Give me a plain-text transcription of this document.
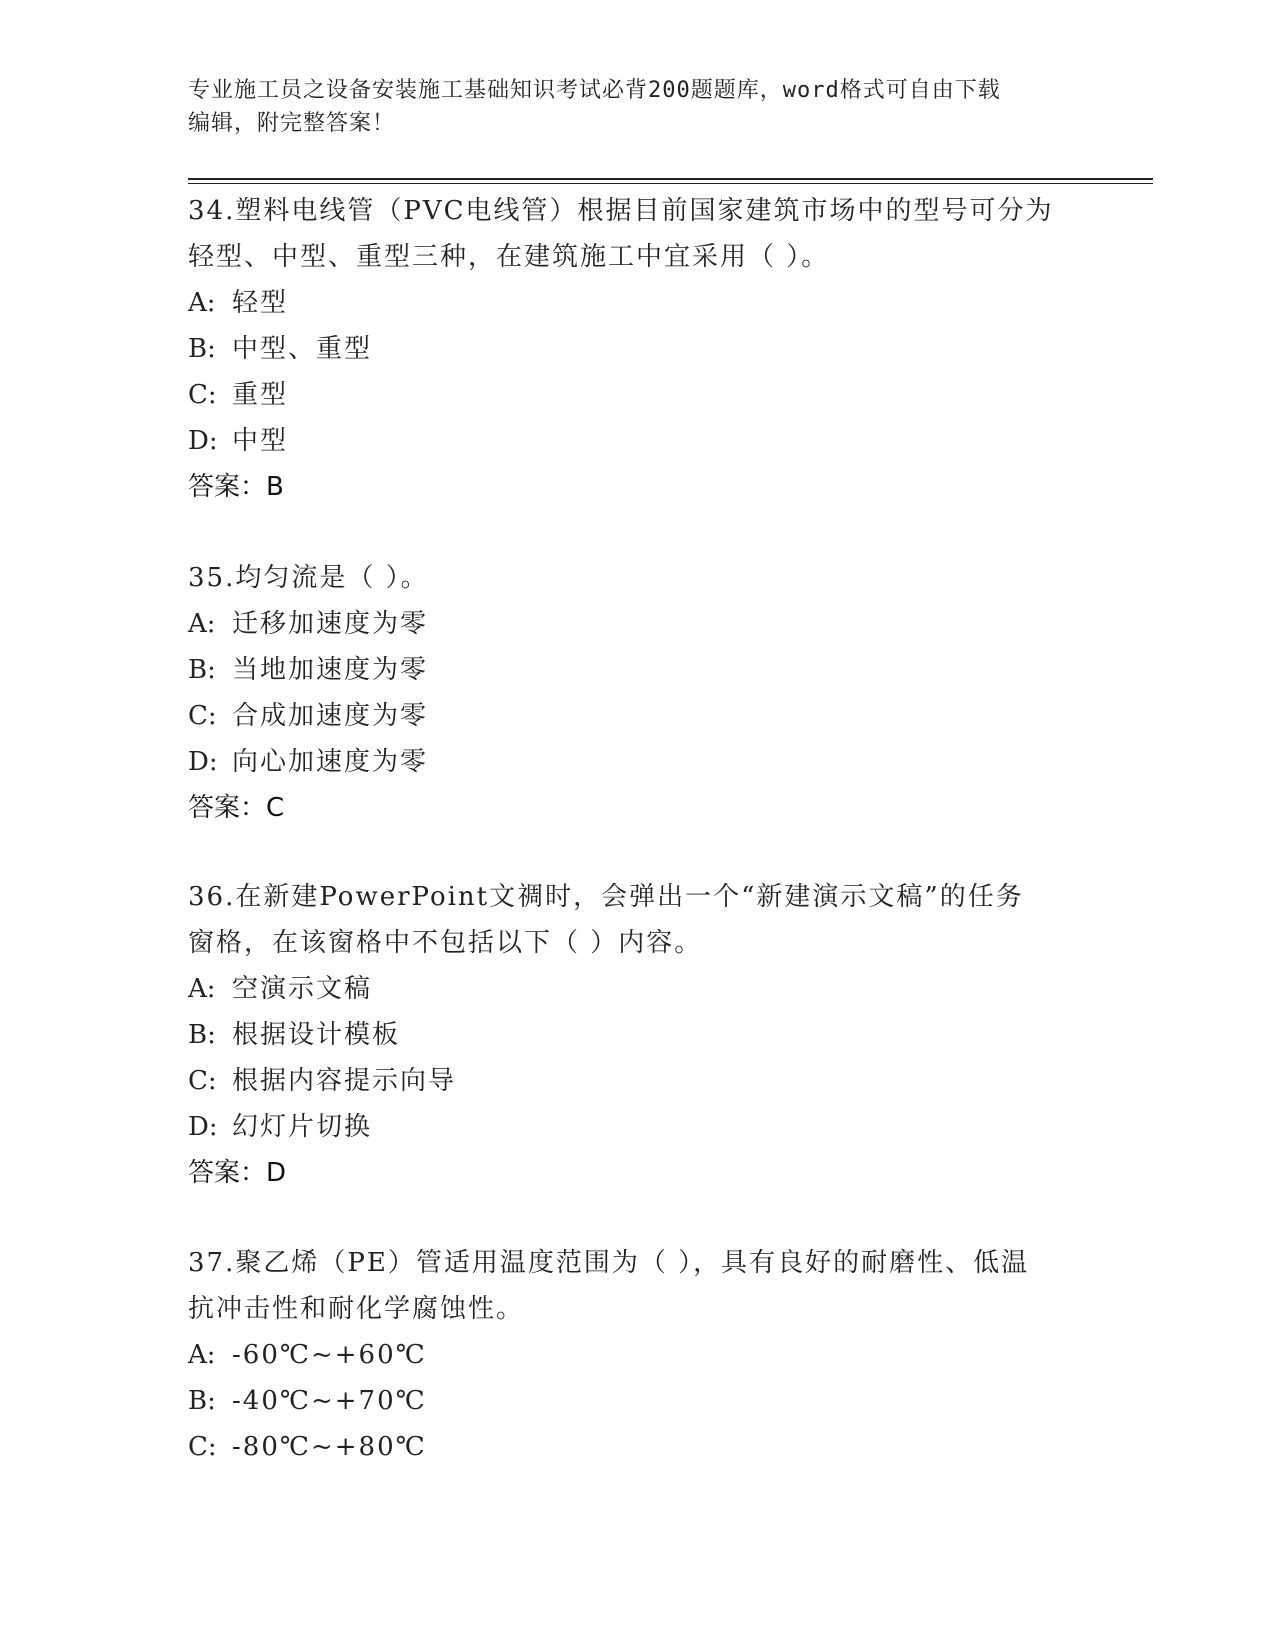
专业施工员之设备安装施工基础知识考试必背200题题库，word格式可自由下载
编辑，附完整答案！

34.塑料电线管（PVC电线管）根据目前国家建筑市场中的型号可分为

轻型、中型、重型三种，在建筑施工中宜采用（ ）。

A: 轻型

B: 中型、重型

C: 重型

D: 中型

答案：B

35.均匀流是（ ）。

A: 迁移加速度为零

B: 当地加速度为零

C: 合成加速度为零

D: 向心加速度为零

答案：C

36.在新建PowerPoint文禂时，会弹出一个“新建演示文稿”的任务

窗格，在该窗格中不包括以下（ ）内容。

A: 空演示文稿

B: 根据设计模板

C: 根据内容提示向导

D: 幻灯片切换

答案：D

37.聚乙烯（PE）管适用温度范围为（ ），具有良好的耐磨性、低温

抗冲击性和耐化学腐蚀性。

A: -60℃~+60℃

B: -40℃~+70℃

C: -80℃~+80℃
